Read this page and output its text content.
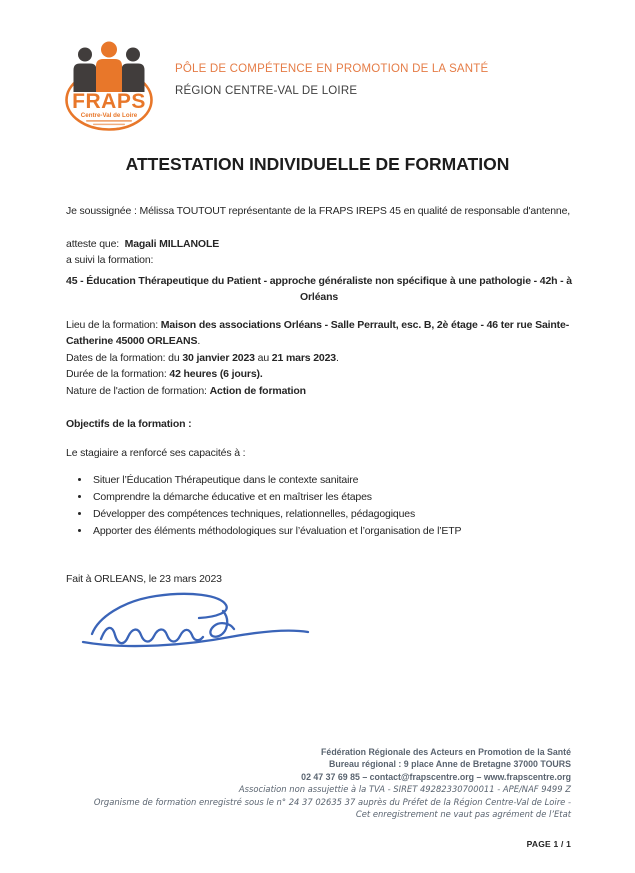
FRAPS
Centre-Val de Loire
PÔLE DE COMPÉTENCE EN PROMOTION DE LA SANTÉ
RÉGION CENTRE-VAL DE LOIRE
ATTESTATION INDIVIDUELLE DE FORMATION

Je soussignée : Mélissa TOUTOUT représentante de la FRAPS IREPS 45 en qualité de responsable d'antenne,

atteste que: Magali MILLANOLE

a suivi la formation:

45 - Éducation Thérapeutique du Patient - approche généraliste non spécifique à une pathologie - 42h - à Orléans

Lieu de la formation: Maison des associations Orléans - Salle Perrault, esc. B, 2è étage - 46 ter rue Sainte-Catherine 45000 ORLEANS.

Dates de la formation: du 30 janvier 2023 au 21 mars 2023.

Durée de la formation: 42 heures (6 jours).

Nature de l'action de formation: Action de formation

Objectifs de la formation :

Le stagiaire a renforcé ses capacités à :

• Situer l’Éducation Thérapeutique dans le contexte sanitaire
• Comprendre la démarche éducative et en maîtriser les étapes
• Développer des compétences techniques, relationnelles, pédagogiques
• Apporter des éléments méthodologiques sur l’évaluation et l’organisation de l’ETP

Fait à ORLEANS, le 23 mars 2023

Fédération Régionale des Acteurs en Promotion de la Santé
Bureau régional : 9 place Anne de Bretagne 37000 TOURS
02 47 37 69 85 – contact@frapscentre.org – www.frapscentre.org
Association non assujettie à la TVA - SIRET 49282330700011 - APE/NAF 9499 Z
Organisme de formation enregistré sous le n° 24 37 02635 37 auprès du Préfet de la Région Centre-Val de Loire -
Cet enregistrement ne vaut pas agrément de l’Etat
PAGE 1 / 1
